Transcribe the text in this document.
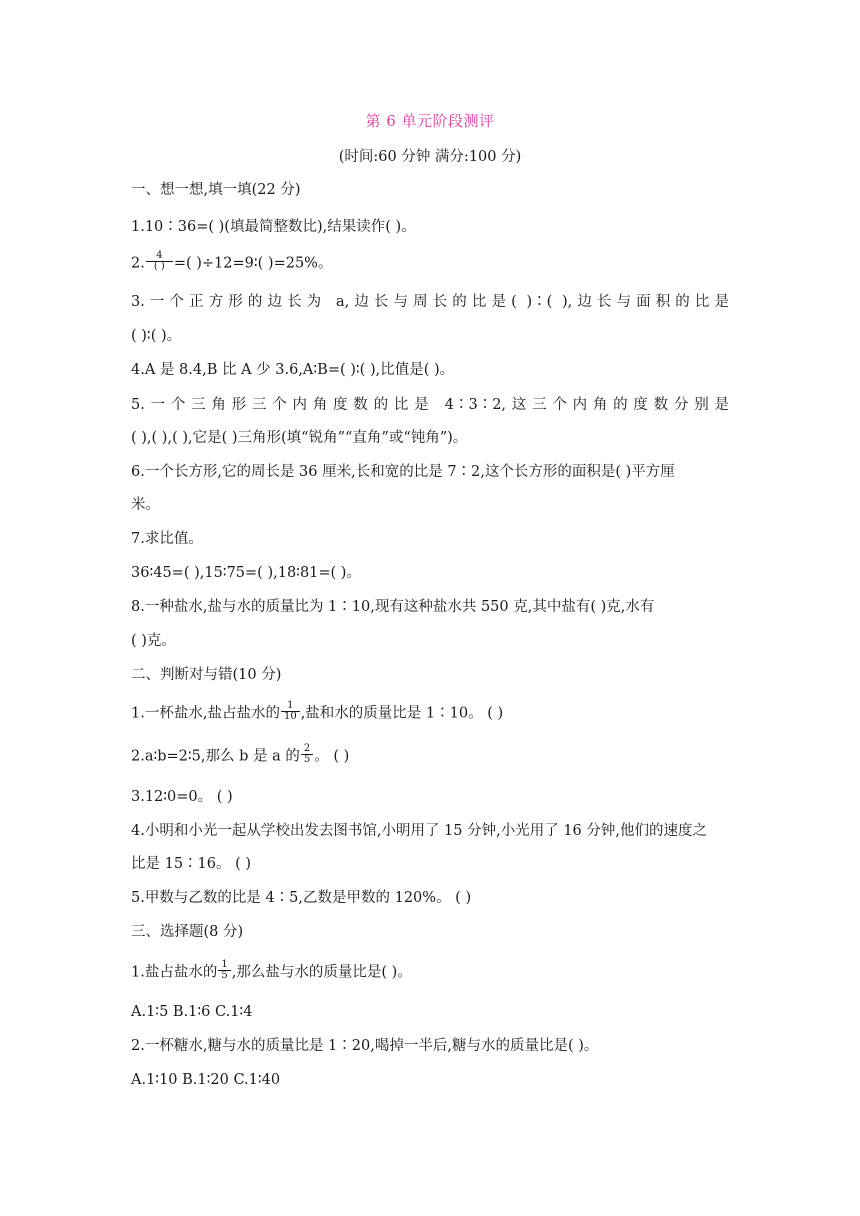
第 6 单元阶段测评
(时间:60 分钟 满分:100 分)
一、想一想,填一填(22 分)
1.10∶36=( )(填最简整数比),结果读作( )。
2. $\frac{4}{( )}$ =( )÷12=9∶( )=25%。
3.一个正方形的边长为 a,边长与周长的比是( )∶( ),边长与面积的比是
( )∶( )。
4.A 是 8.4,B 比 A 少 3.6,A∶B=( )∶( ),比值是( )。
5.一个三角形三个内角度数的比是 4∶3∶2,这三个内角的度数分别是
( ),( ),( ),它是( )三角形(填“锐角”“直角”或“钝角”)。
6.一个长方形,它的周长是 36 厘米,长和宽的比是 7∶2,这个长方形的面积是( )平方厘
米。
7.求比值。
36∶45=( ),15∶75=( ),18∶81=( )。
8.一种盐水,盐与水的质量比为 1∶10,现有这种盐水共 550 克,其中盐有( )克,水有
( )克。
二、判断对与错(10 分)
1.一杯盐水,盐占盐水的 $\frac{1}{10}$ ,盐和水的质量比是 1∶10。 ( )
2.a∶b=2∶5,那么 b 是 a 的 $\frac{2}{5}$ 。 ( )
3.12∶0=0。 ( )
4.小明和小光一起从学校出发去图书馆,小明用了 15 分钟,小光用了 16 分钟,他们的速度之
比是 15∶16。 ( )
5.甲数与乙数的比是 4∶5,乙数是甲数的 120%。 ( )
三、选择题(8 分)
1.盐占盐水的 $\frac{1}{5}$ ,那么盐与水的质量比是( )。
A.1∶5 B.1∶6 C.1∶4
2.一杯糖水,糖与水的质量比是 1∶20,喝掉一半后,糖与水的质量比是( )。
A.1∶10 B.1∶20 C.1∶40
